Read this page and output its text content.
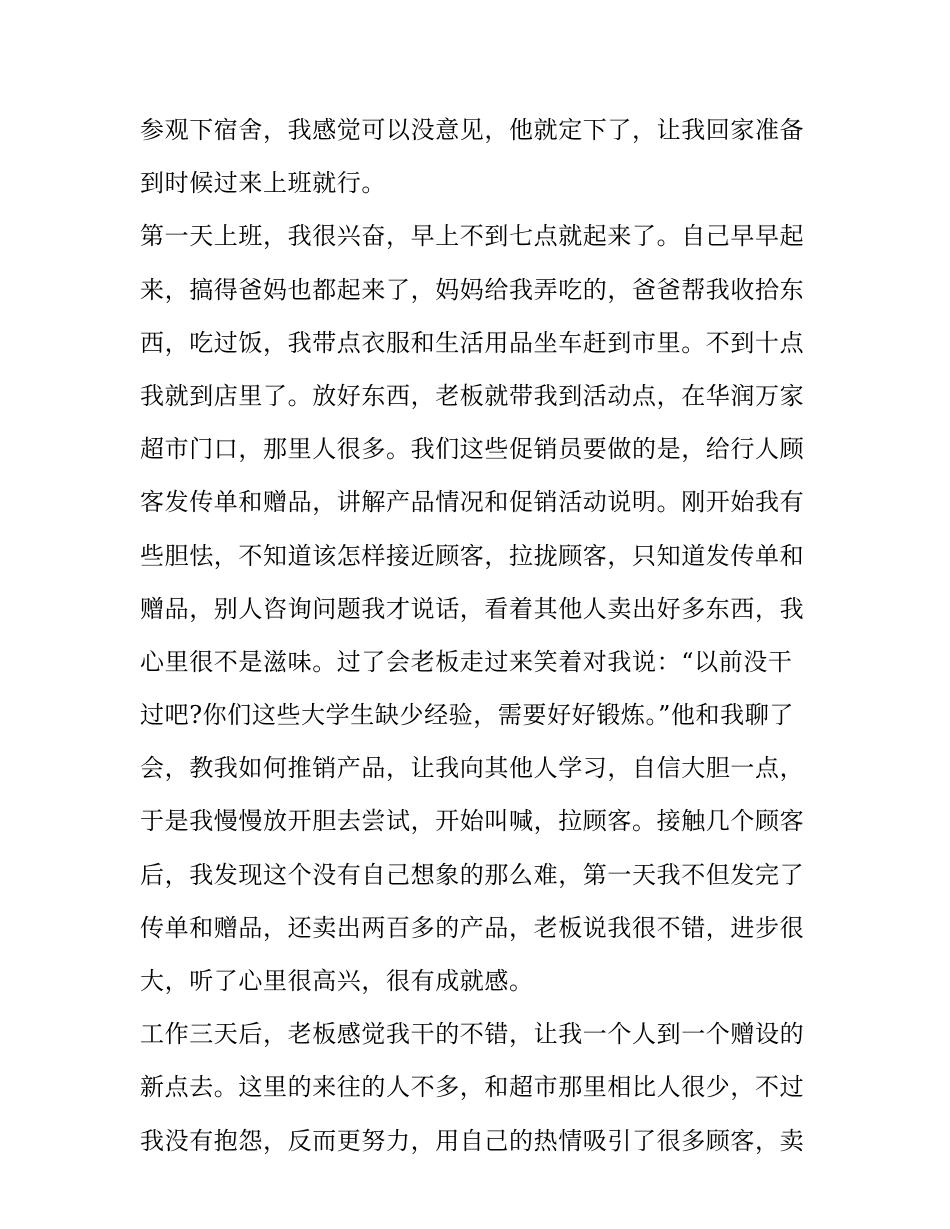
参观下宿舍，我感觉可以没意见，他就定下了，让我回家准备
到时候过来上班就行。
第一天上班，我很兴奋，早上不到七点就起来了。自己早早起
来，搞得爸妈也都起来了，妈妈给我弄吃的，爸爸帮我收拾东
西，吃过饭，我带点衣服和生活用品坐车赶到市里。不到十点
我就到店里了。放好东西，老板就带我到活动点，在华润万家
超市门口，那里人很多。我们这些促销员要做的是，给行人顾
客发传单和赠品，讲解产品情况和促销活动说明。刚开始我有
些胆怯，不知道该怎样接近顾客，拉拢顾客，只知道发传单和
赠品，别人咨询问题我才说话，看着其他人卖出好多东西，我
心里很不是滋味。过了会老板走过来笑着对我说：“以前没干
过吧?你们这些大学生缺少经验，需要好好锻炼。”他和我聊了
会，教我如何推销产品，让我向其他人学习，自信大胆一点，
于是我慢慢放开胆去尝试，开始叫喊，拉顾客。接触几个顾客
后，我发现这个没有自己想象的那么难，第一天我不但发完了
传单和赠品，还卖出两百多的产品，老板说我很不错，进步很
大，听了心里很高兴，很有成就感。
工作三天后，老板感觉我干的不错，让我一个人到一个赠设的
新点去。这里的来往的人不多，和超市那里相比人很少，不过
我没有抱怨，反而更努力，用自己的热情吸引了很多顾客，卖
